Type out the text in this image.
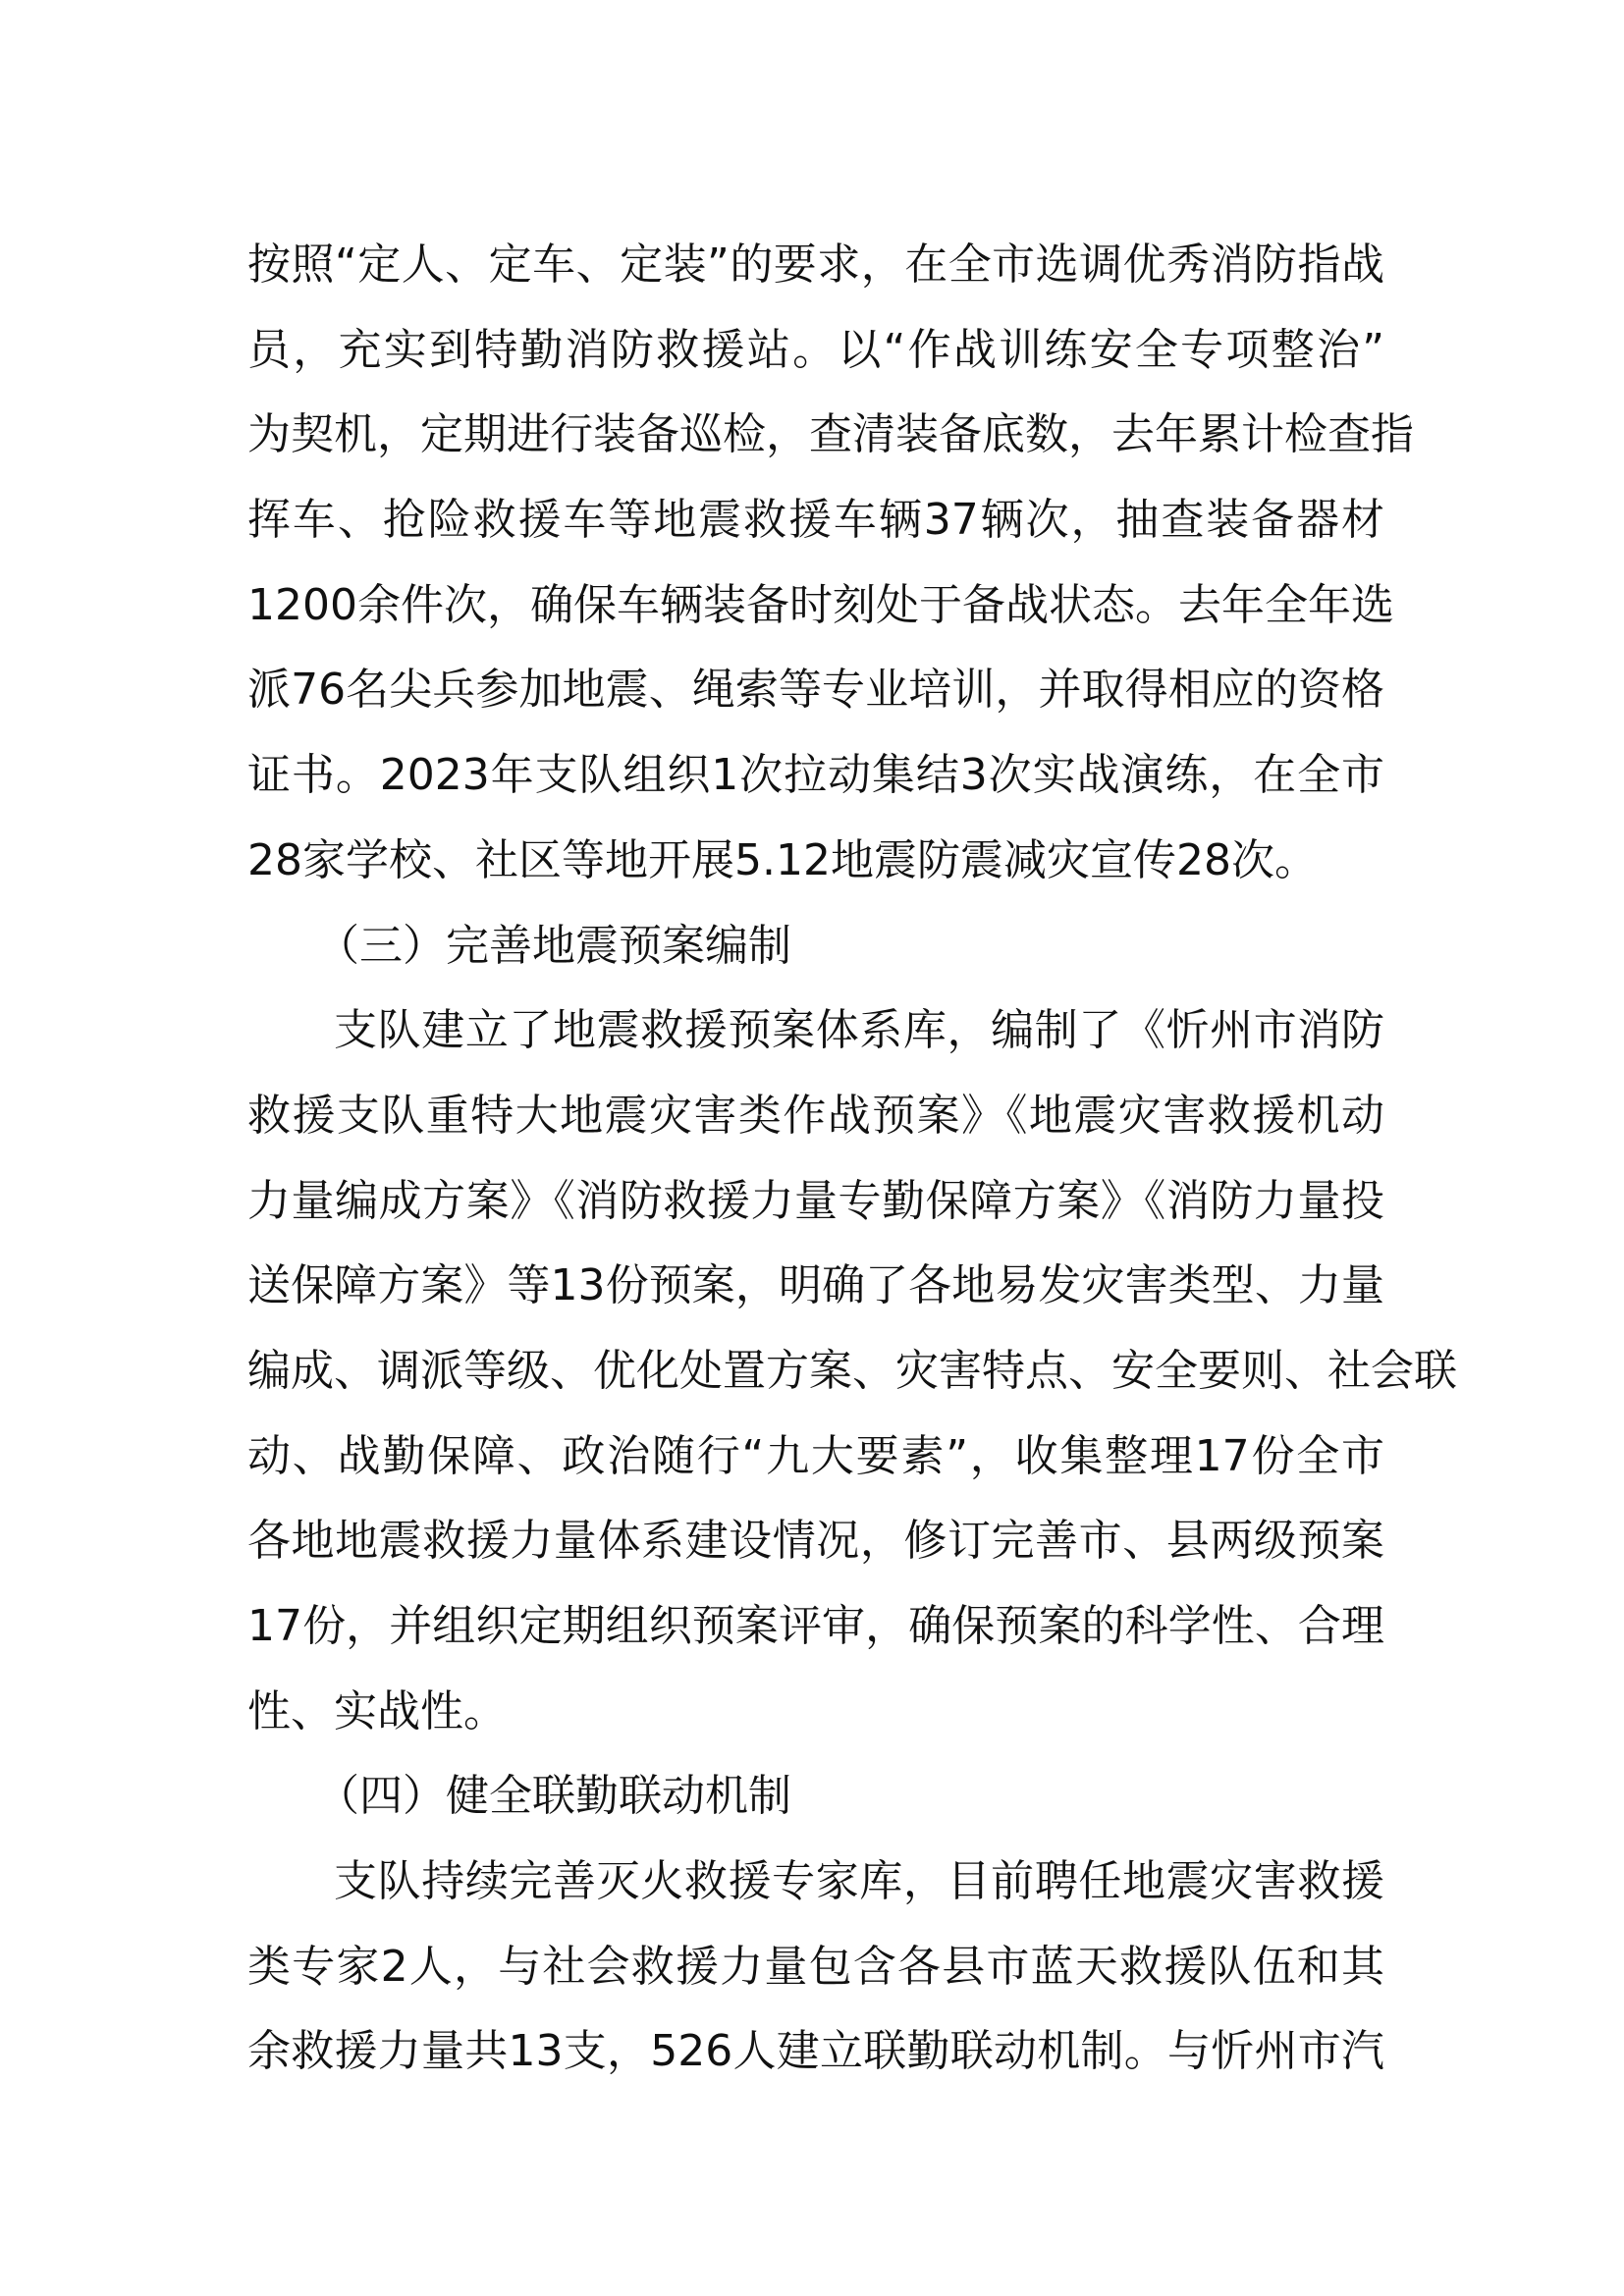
按照“定人、定车、定装”的要求，在全市选调优秀消防指战
员，充实到特勤消防救援站。以“作战训练安全专项整治”
为契机，定期进行装备巡检，查清装备底数，去年累计检查指
挥车、抢险救援车等地震救援车辆37辆次，抽查装备器材
1200余件次，确保车辆装备时刻处于备战状态。去年全年选
派76名尖兵参加地震、绳索等专业培训，并取得相应的资格
证书。2023年支队组织1次拉动集结3次实战演练，在全市
28家学校、社区等地开展5.12地震防震减灾宣传28次。
（三）完善地震预案编制
支队建立了地震救援预案体系库，编制了《忻州市消防
救援支队重特大地震灾害类作战预案》《地震灾害救援机动
力量编成方案》《消防救援力量专勤保障方案》《消防力量投
送保障方案》等13份预案，明确了各地易发灾害类型、力量
编成、调派等级、优化处置方案、灾害特点、安全要则、社会联
动、战勤保障、政治随行“九大要素”，收集整理17份全市
各地地震救援力量体系建设情况，修订完善市、县两级预案
17份，并组织定期组织预案评审，确保预案的科学性、合理
性、实战性。
（四）健全联勤联动机制
支队持续完善灭火救援专家库，目前聘任地震灾害救援
类专家2人，与社会救援力量包含各县市蓝天救援队伍和其
余救援力量共13支，526人建立联勤联动机制。与忻州市汽
